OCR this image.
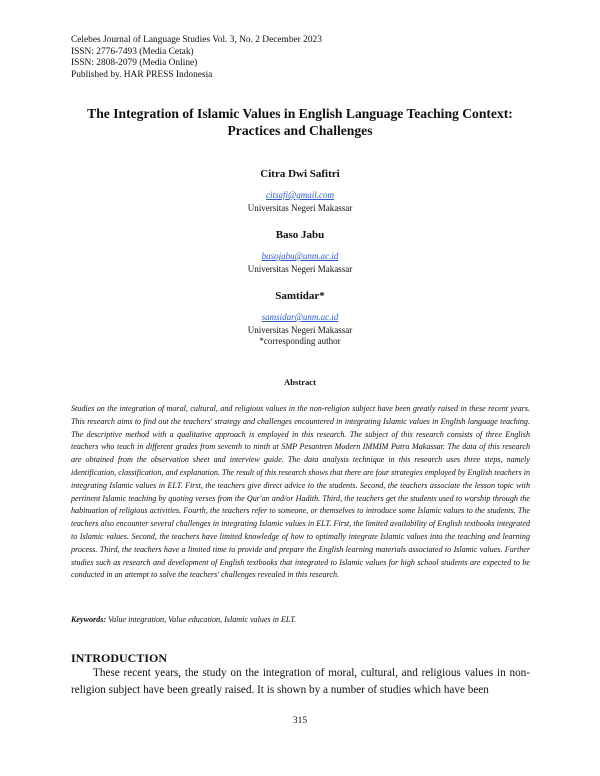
Celebes Journal of Language Studies Vol. 3, No. 2 December 2023
ISSN: 2776-7493 (Media Cetak)
ISSN: 2808-2079 (Media Online)
Published by. HAR PRESS Indonesia
The Integration of Islamic Values in English Language Teaching Context:
Practices and Challenges
Citra Dwi Safitri
citsafi@gmail.com
Universitas Negeri Makassar
Baso Jabu
basojabu@unm.ac.id
Universitas Negeri Makassar
Samtidar*
samsidar@unm.ac.id
Universitas Negeri Makassar
*corresponding author
Abstract

Studies on the integration of moral, cultural, and religious values in the non-religion subject have been greatly raised in these recent years. This research aims to find out the teachers' strategy and challenges encountered in integrating Islamic values in English language teaching. The descriptive method with a qualitative approach is employed in this research. The subject of this research consists of three English teachers who teach in different grades from seventh to ninth at SMP Pesantren Modern IMMIM Putra Makassar. The data of this research are obtained from the observation sheet and interview guide. The data analysis technique in this research uses three steps, namely identification, classification, and explanation. The result of this research shows that there are four strategies employed by English teachers in integrating Islamic values in ELT. First, the teachers give direct advice to the students. Second, the teachers associate the lesson topic with pertinent Islamic teaching by quoting verses from the Qur'an and/or Hadith. Third, the teachers get the students used to worship through the habituation of religious activities. Fourth, the teachers refer to someone, or themselves to introduce some Islamic values to the students. The teachers also encounter several challenges in integrating Islamic values in ELT. First, the limited availability of English textbooks integrated to Islamic values. Second, the teachers have limited knowledge of how to optimally integrate Islamic values into the teaching and learning process. Third, the teachers have a limited time to provide and prepare the English learning materials associated to Islamic values. Further studies such as research and development of English textbooks that integrated to Islamic values for high school students are expected to be conducted in an attempt to solve the teachers' challenges revealed in this research.

Keywords: Value integration, Value education, Islamic values in ELT.
INTRODUCTION

These recent years, the study on the integration of moral, cultural, and religious values in non-religion subject have been greatly raised. It is shown by a number of studies which have been

315
